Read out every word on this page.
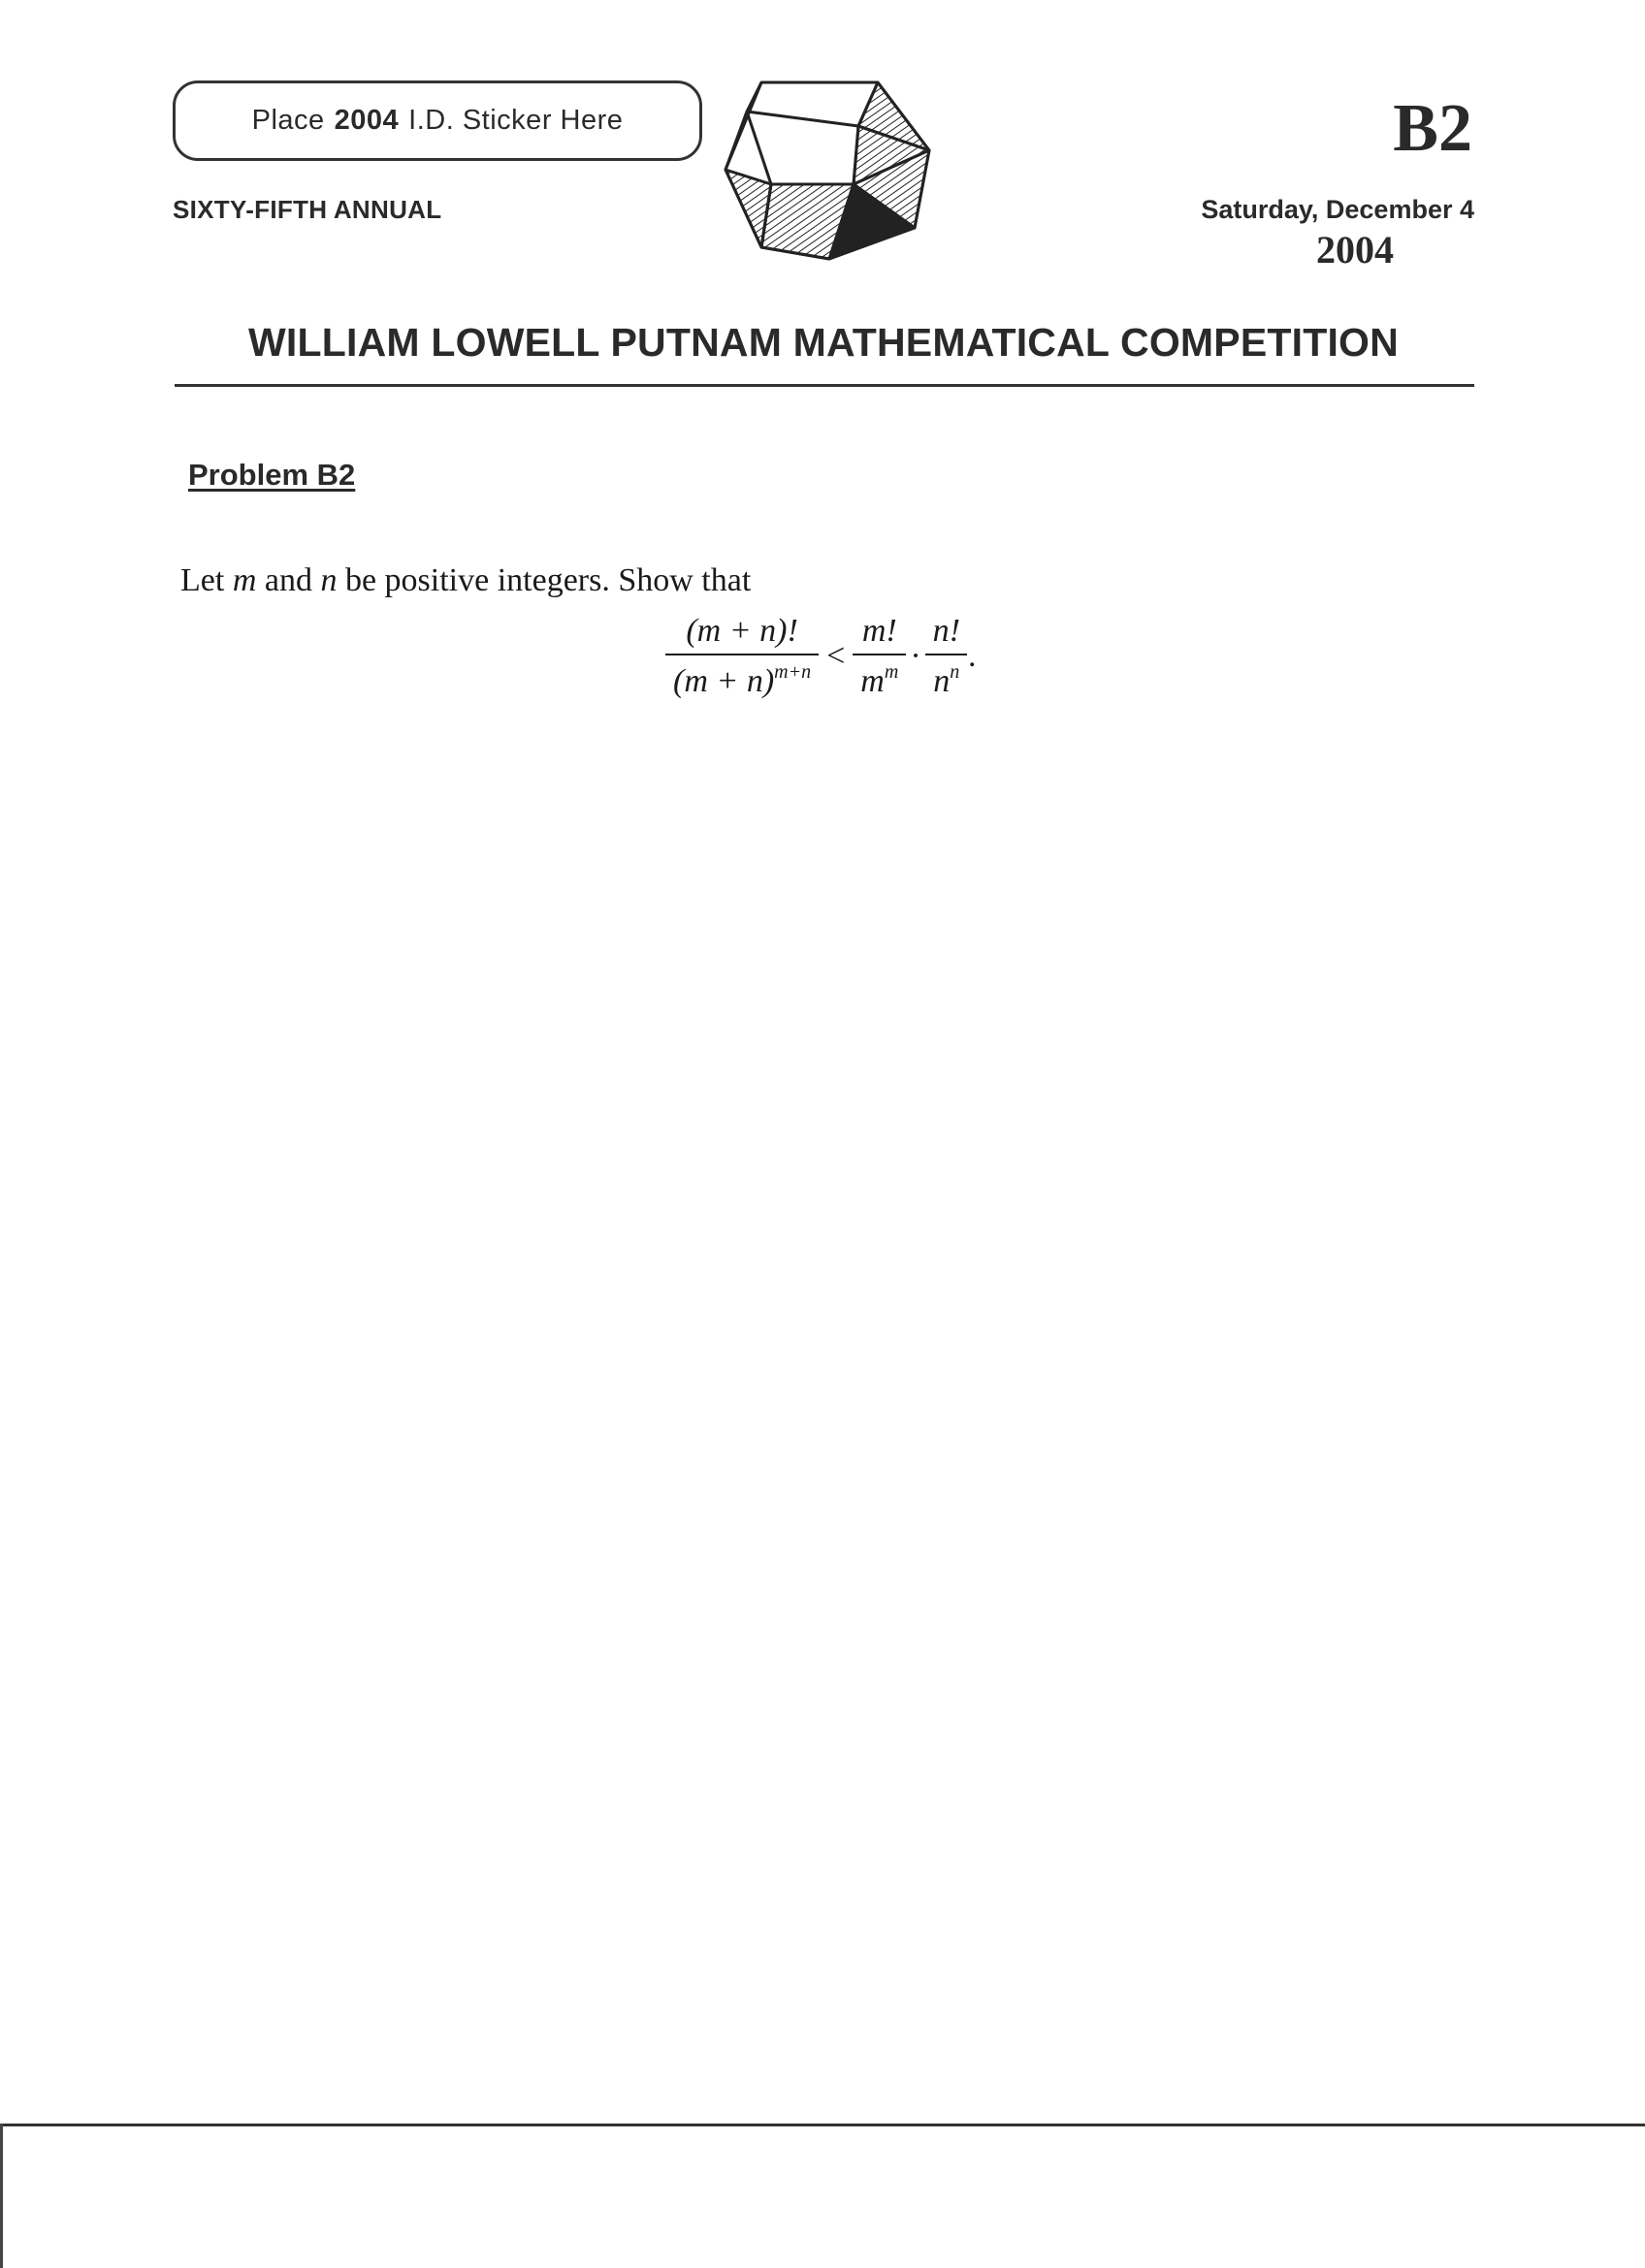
Place 2004 I.D. Sticker Here
SIXTY-FIFTH ANNUAL
B2
Saturday, December 4
2004
WILLIAM LOWELL PUTNAM MATHEMATICAL COMPETITION
Problem B2
Let m and n be positive integers. Show that
$\frac{(m + n)!}{(m + n)^{m+n}} < \frac{m!}{m^m} \cdot \frac{n!}{n^n}$ .
